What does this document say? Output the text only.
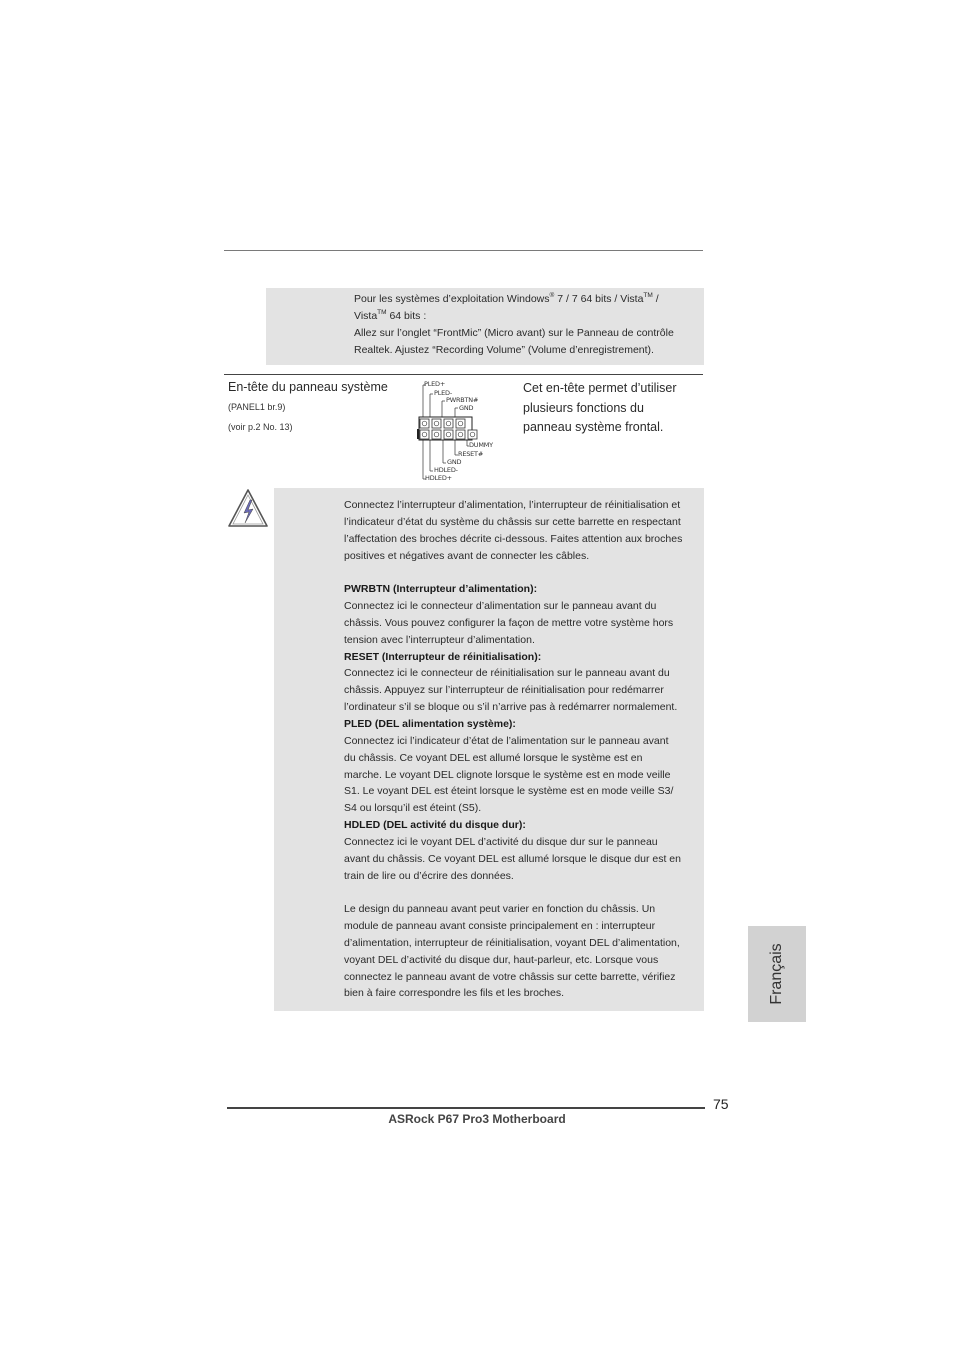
Pour les systèmes d’exploitation Windows® 7 / 7 64 bits / Vista™ /

Vista™ 64 bits :

Allez sur l’onglet “FrontMic” (Micro avant) sur le Panneau de contrôle

Realtek. Ajustez “Recording Volume” (Volume d’enregistrement).

En-tête du panneau système
(PANEL1 br.9)
(voir p.2 No. 13)
PLED+
PLED-
PWRBTN#
GND
DUMMY
RESET#
GND
HDLED-
HDLED+

Cet en-tête permet d’utiliser

plusieurs fonctions du

panneau système frontal.

Connectez l’interrupteur d’alimentation, l’interrupteur de réinitialisation et

l’indicateur d’état du système du châssis sur cette barrette en respectant

l’affectation des broches décrite ci-dessous. Faites attention aux broches

positives et négatives avant de connecter les câbles.

PWRBTN (Interrupteur d’alimentation):

Connectez ici le connecteur d’alimentation sur le panneau avant du

châssis. Vous pouvez configurer la façon de mettre votre système hors

tension avec l’interrupteur d’alimentation.

RESET (Interrupteur de réinitialisation):

Connectez ici le connecteur de réinitialisation sur le panneau avant du

châssis. Appuyez sur l’interrupteur de réinitialisation pour redémarrer

l’ordinateur s’il se bloque ou s’il n’arrive pas à redémarrer normalement.

PLED (DEL alimentation système):

Connectez ici l’indicateur d’état de l’alimentation sur le panneau avant

du châssis. Ce voyant DEL est allumé lorsque le système est en

marche. Le voyant DEL clignote lorsque le système est en mode veille

S1. Le voyant DEL est éteint lorsque le système est en mode veille S3/

S4 ou lorsqu’il est éteint (S5).

HDLED (DEL activité du disque dur):

Connectez ici le voyant DEL d’activité du disque dur sur le panneau

avant du châssis. Ce voyant DEL est allumé lorsque le disque dur est en

train de lire ou d’écrire des données.

Le design du panneau avant peut varier en fonction du châssis. Un

module de panneau avant consiste principalement en : interrupteur

d’alimentation, interrupteur de réinitialisation, voyant DEL d’alimentation,

voyant DEL d’activité du disque dur, haut-parleur, etc. Lorsque vous

connectez le panneau avant de votre châssis sur cette barrette, vérifiez

bien à faire correspondre les fils et les broches.	Français
75
ASRock P67 Pro3 Motherboard
